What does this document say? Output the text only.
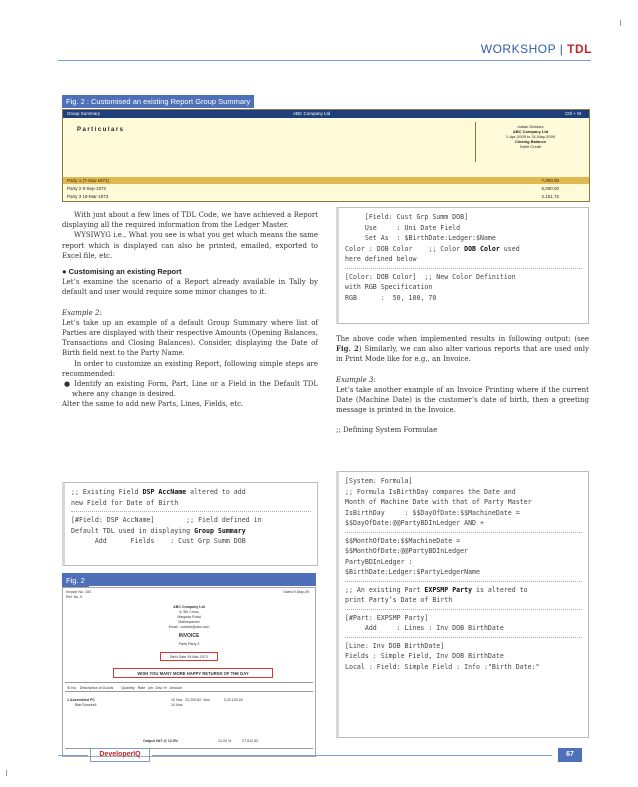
WORKSHOP | TDL
Fig. 2 : Customised an existing Report Group Summary
Group Summary	ABC Company Ltd	Ctrl + M
Particulars
Indian Debtors
ABC Company Ltd
1-Apr-2009 to 31-May-2009
Closing Balance
Debit Credit
Party 1 (7-Sep-1971)	7,000.00
Party 2 8-Sep-1972	5,000.00
Party 3 19-Mar-1973	2,161.72

With just about a few lines of TDL Code, we have achieved a Report displaying all the required information from the Ledger Master.

WYSIWYG i.e., What you see is what you get which means the same report which is displayed can also be printed, emailed, exported to Excel file, etc.

● Customising an existing Report

Let’s examine the scenario of a Report already available in Tally by default and user would require some minor changes to it.

Example 2:

Let’s take up an example of a default Group Summary where list of Parties are displayed with their respective Amounts (Opening Balances, Transactions and Closing Balances). Consider, displaying the Date of Birth field next to the Party Name.

In order to customize an existing Report, following simple steps are recommended:

● Identify an existing Form, Part, Line or a Field in the Default TDL where any change is desired.

Alter the same to add new Parts, Lines, Fields, etc.

;; Existing Field DSP AccName altered to add
new Field for Date of Birth
[#Field: DSP AccName]        ;; Field defined in
Default TDL used in displaying Group Summary
Add      Fields    : Cust Grp Summ DOB
Fig. 2
Invoice No. 100
Ref. No. 9
Dated 9-May-09
ABC Company Ltd
5, 9th Cross
Margosa Road
Malleswaram
Email : contact@abc.com
INVOICE
Party Party 3
Birth Date 19-Mar-1973
WISH YOU MANY MORE HAPPY RETURNS OF THE DAY
Sl No.   Description of Goods        Quantity   Rate   per  Disc %   Amount
1 Assembled PC	10 Nos   22,200.82  Nos              2,20,100.20
Batt Rosebell	10 Nos
Output VAT @ 12.5%	12.03 %           27,512.52
[Field: Cust Grp Summ DOB]
Use     : Uni Date Field
Set As  : $BirthDate:Ledger:$Name
Color : DOB Color    ;; Color DOB Color used
here defined below
[Color: DOB Color]  ;; New Color Definition
with RGB Specification
RGB      :  50, 100, 70

The above code when implemented results in following output: (see Fig. 2) Similarly, we can also alter various reports that are used only in Print Mode like for e.g., an Invoice.

Example 3:

Let’s take another example of an Invoice Printing where if the current Date (Machine Date) is the customer’s date of birth, then a greeting message is printed in the Invoice.

;; Defining System Formulae

[System: Formula]
;; Formula IsBirthDay compares the Date and
Month of Machine Date with that of Party Master
IsBirthDay     : $$DayOfDate:$$MachineDate =
$$DayOfDate:@@PartyBDInLedger AND +
$$MonthOfDate:$$MachineDate =
$$MonthOfDate:@@PartyBDInLedger
PartyBDInLedger :
$BirthDate:Ledger:$PartyLedgerName
;; An existing Part EXPSMP Party is altered to
print Party’s Date of Birth
[#Part: EXPSMP Party]
Add     : Lines : Inv DOB BirthDate
[Line: Inv DOB BirthDate]
Fields : Simple Field, Inv DOB BirthDate
Local : Field: Simple Field : Info :"Birth Date:"
DeveloperIQ	67
